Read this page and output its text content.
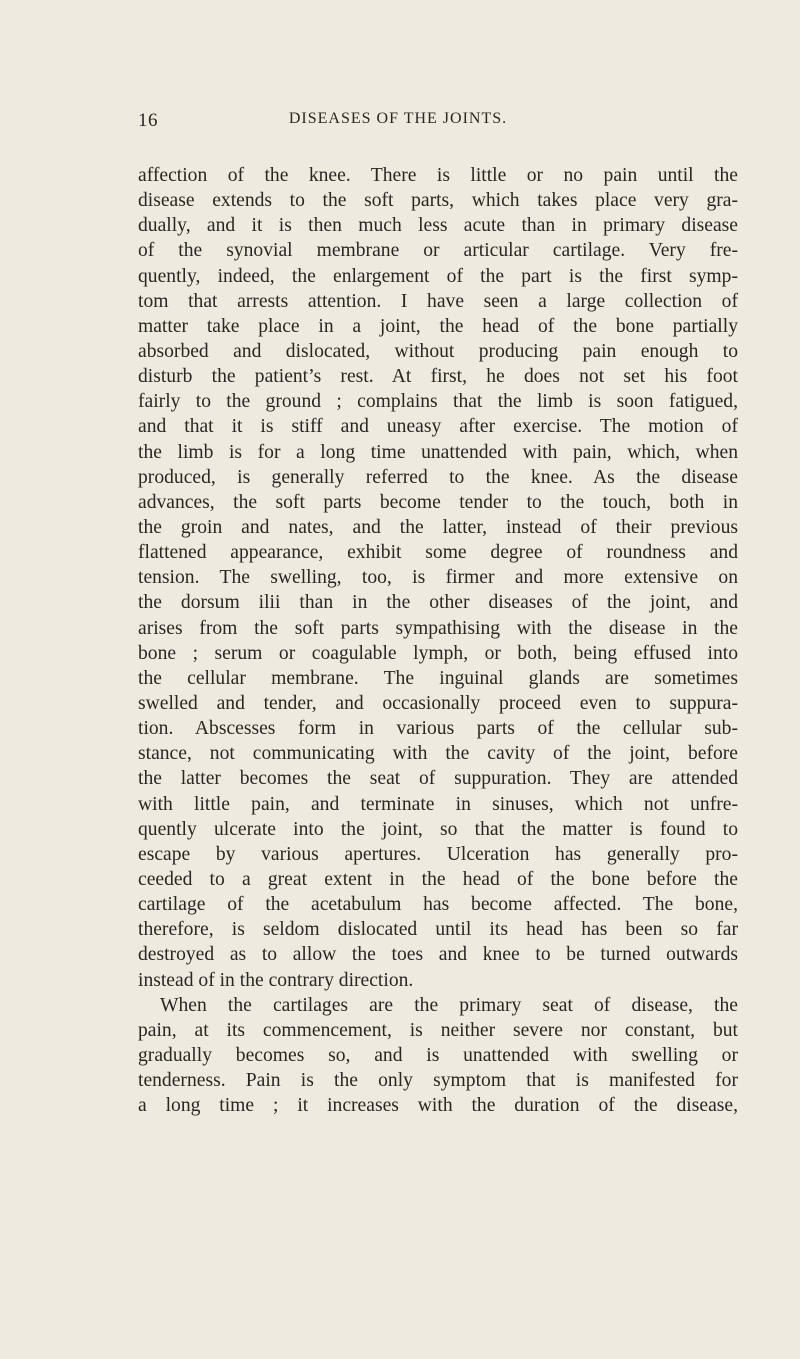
16	DISEASES OF THE JOINTS.
affection of the knee. There is little or no pain until the
disease extends to the soft parts, which takes place very gra-
dually, and it is then much less acute than in primary disease
of the synovial membrane or articular cartilage. Very fre-
quently, indeed, the enlargement of the part is the first symp-
tom that arrests attention. I have seen a large collection of
matter take place in a joint, the head of the bone partially
absorbed and dislocated, without producing pain enough to
disturb the patient’s rest. At first, he does not set his foot
fairly to the ground ; complains that the limb is soon fatigued,
and that it is stiff and uneasy after exercise. The motion of
the limb is for a long time unattended with pain, which, when
produced, is generally referred to the knee. As the disease
advances, the soft parts become tender to the touch, both in
the groin and nates, and the latter, instead of their previous
flattened appearance, exhibit some degree of roundness and
tension. The swelling, too, is firmer and more extensive on
the dorsum ilii than in the other diseases of the joint, and
arises from the soft parts sympathising with the disease in the
bone ; serum or coagulable lymph, or both, being effused into
the cellular membrane. The inguinal glands are sometimes
swelled and tender, and occasionally proceed even to suppura-
tion. Abscesses form in various parts of the cellular sub-
stance, not communicating with the cavity of the joint, before
the latter becomes the seat of suppuration. They are attended
with little pain, and terminate in sinuses, which not unfre-
quently ulcerate into the joint, so that the matter is found to
escape by various apertures. Ulceration has generally pro-
ceeded to a great extent in the head of the bone before the
cartilage of the acetabulum has become affected. The bone,
therefore, is seldom dislocated until its head has been so far
destroyed as to allow the toes and knee to be turned outwards
instead of in the contrary direction.
When the cartilages are the primary seat of disease, the
pain, at its commencement, is neither severe nor constant, but
gradually becomes so, and is unattended with swelling or
tenderness. Pain is the only symptom that is manifested for
a long time ; it increases with the duration of the disease,
